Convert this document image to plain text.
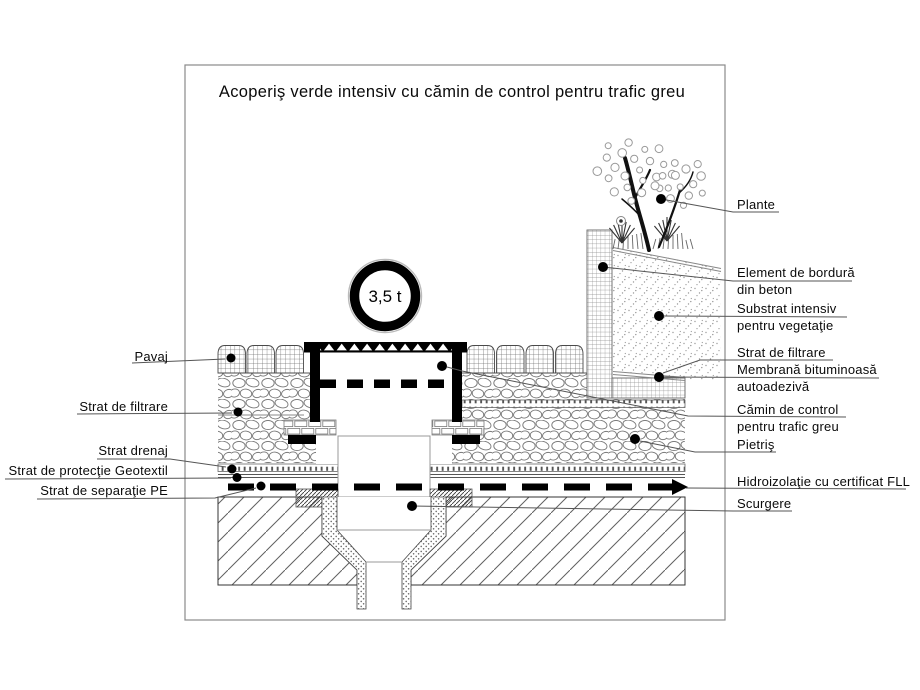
Acoperiş verde intensiv cu cămin de control pentru trafic greu
3,5 t
Pavaj
Strat de filtrare
Strat drenaj
Strat de protecţie Geotextil
Strat de separaţie PE
Plante
Element de bordură
din beton
Substrat intensiv
pentru vegetaţie
Strat de filtrare
Membrană bituminoasă
autoadezivă
Cămin de control
pentru trafic greu
Pietriş
Hidroizolaţie cu certificat FLL
Scurgere
